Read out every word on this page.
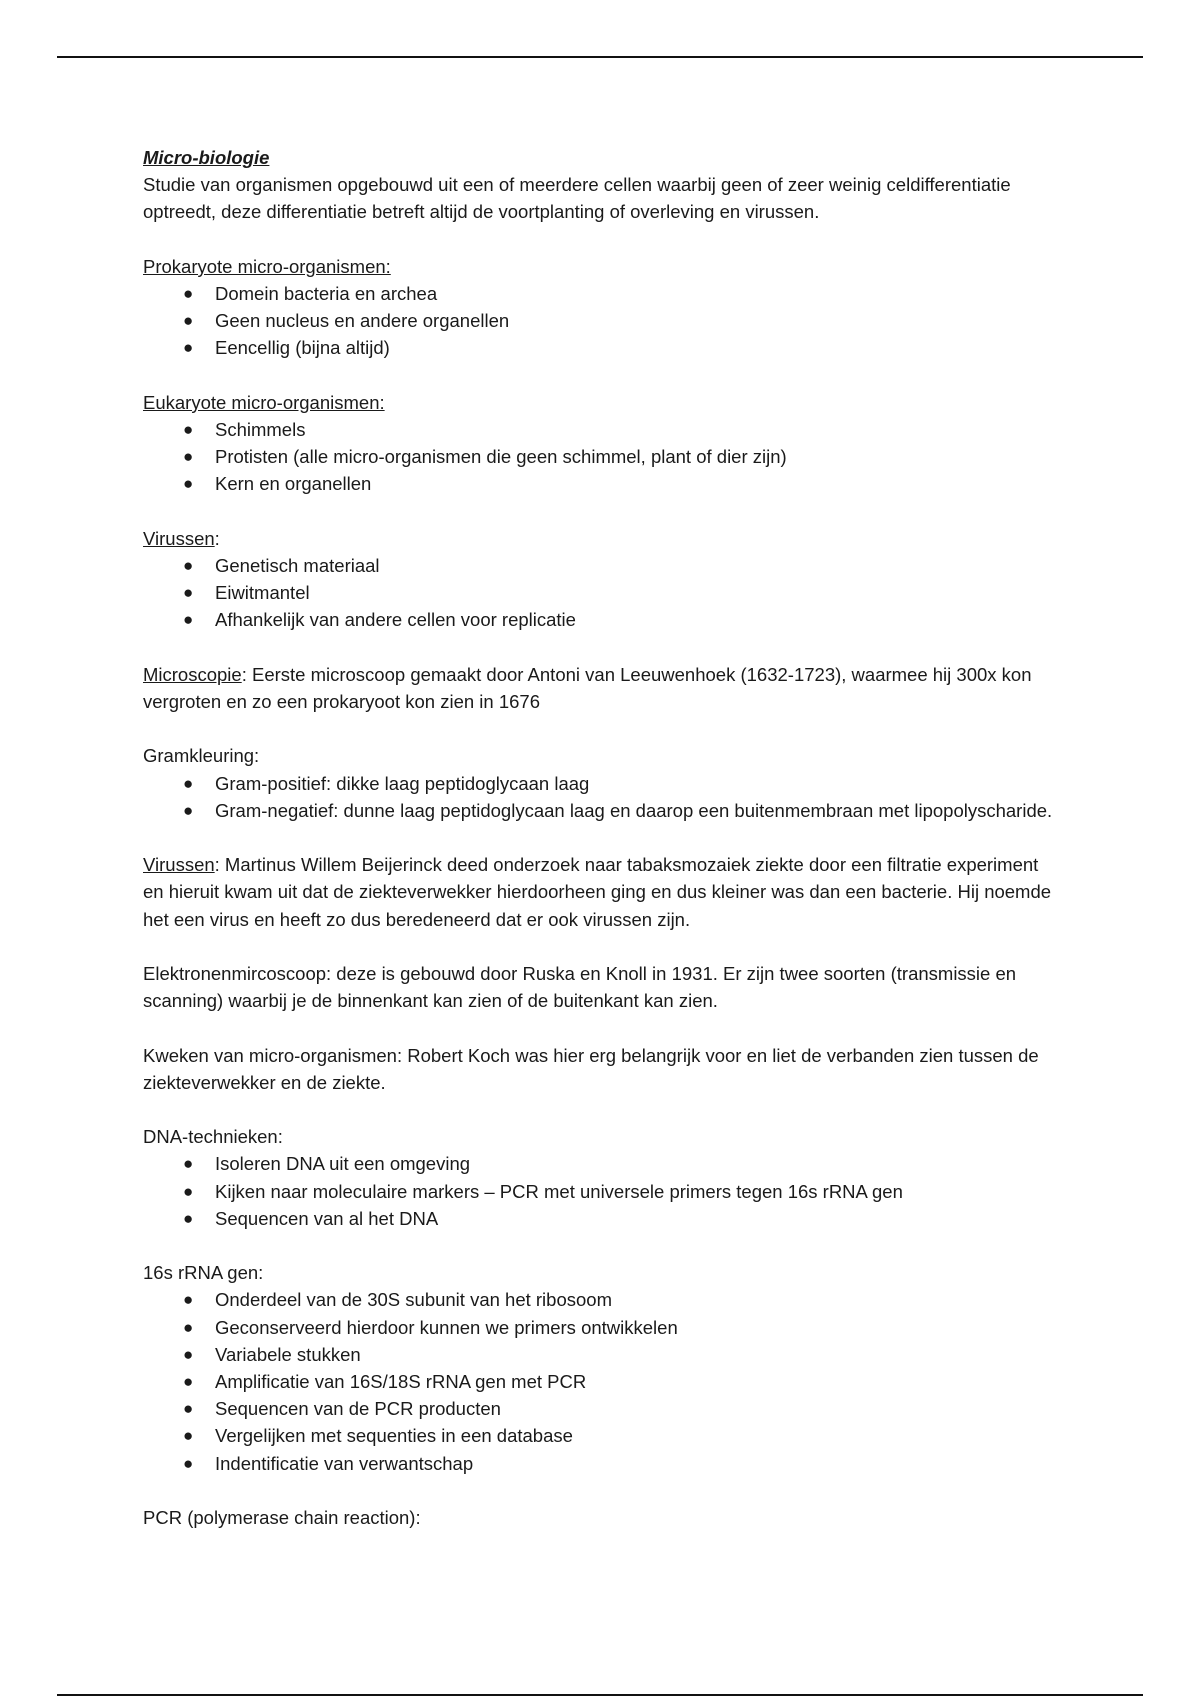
Micro-biologie

Studie van organismen opgebouwd uit een of meerdere cellen waarbij geen of zeer weinig celdifferentiatie optreedt, deze differentiatie betreft altijd de voortplanting of overleving en virussen.

Prokaryote micro-organismen:

● Domein bacteria en archea
● Geen nucleus en andere organellen
● Eencellig (bijna altijd)

Eukaryote micro-organismen:

● Schimmels
● Protisten (alle micro-organismen die geen schimmel, plant of dier zijn)
● Kern en organellen

Virussen:

● Genetisch materiaal
● Eiwitmantel
● Afhankelijk van andere cellen voor replicatie

Microscopie: Eerste microscoop gemaakt door Antoni van Leeuwenhoek (1632-1723), waarmee hij 300x kon vergroten en zo een prokaryoot kon zien in 1676

Gramkleuring:

● Gram-positief: dikke laag peptidoglycaan laag
● Gram-negatief: dunne laag peptidoglycaan laag en daarop een buitenmembraan met lipopolyscharide.

Virussen: Martinus Willem Beijerinck deed onderzoek naar tabaksmozaiek ziekte door een filtratie experiment en hieruit kwam uit dat de ziekteverwekker hierdoorheen ging en dus kleiner was dan een bacterie. Hij noemde het een virus en heeft zo dus beredeneerd dat er ook virussen zijn.

Elektronenmircoscoop: deze is gebouwd door Ruska en Knoll in 1931. Er zijn twee soorten (transmissie en scanning) waarbij je de binnenkant kan zien of de buitenkant kan zien.

Kweken van micro-organismen: Robert Koch was hier erg belangrijk voor en liet de verbanden zien tussen de ziekteverwekker en de ziekte.

DNA-technieken:

● Isoleren DNA uit een omgeving
● Kijken naar moleculaire markers – PCR met universele primers tegen 16s rRNA gen
● Sequencen van al het DNA

16s rRNA gen:

● Onderdeel van de 30S subunit van het ribosoom
● Geconserveerd hierdoor kunnen we primers ontwikkelen
● Variabele stukken
● Amplificatie van 16S/18S rRNA gen met PCR
● Sequencen van de PCR producten
● Vergelijken met sequenties in een database
● Indentificatie van verwantschap

PCR (polymerase chain reaction):
